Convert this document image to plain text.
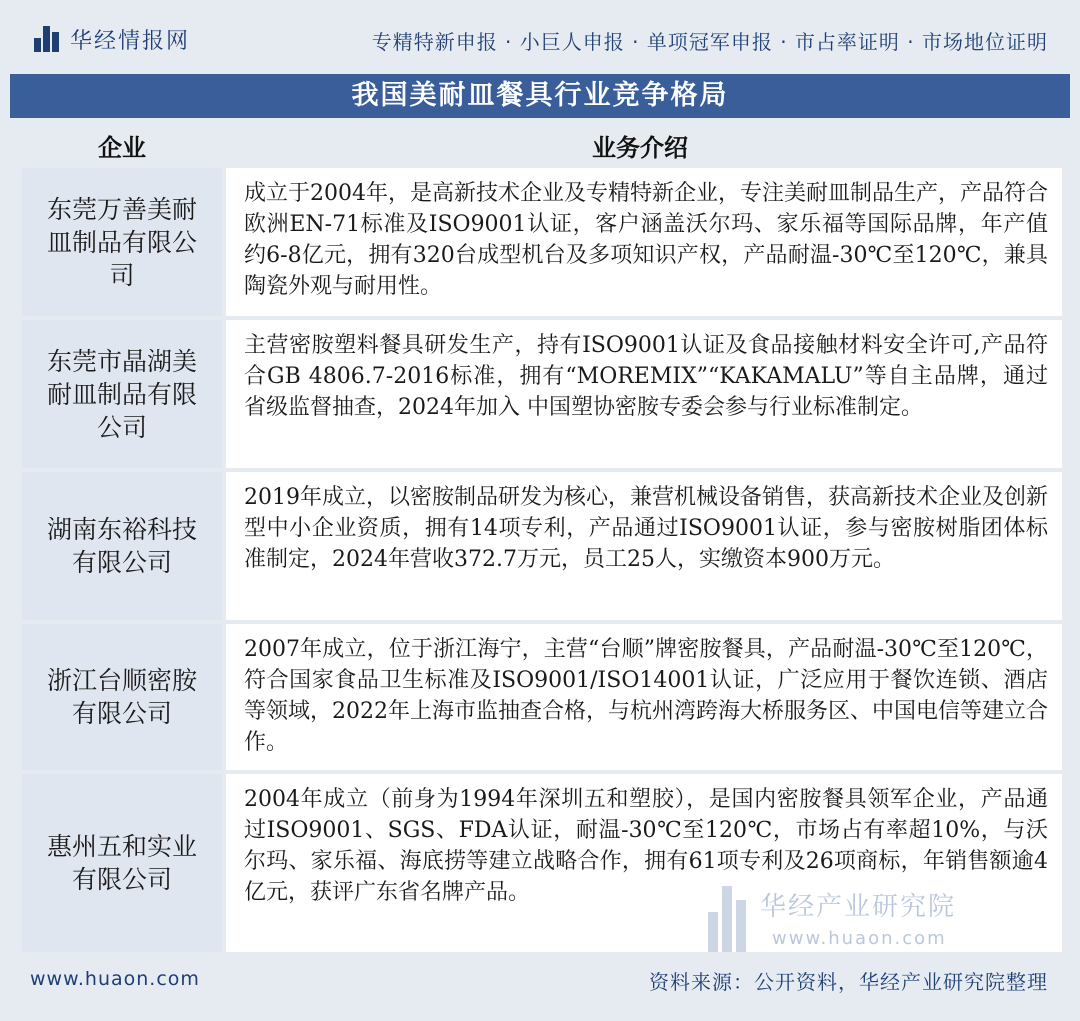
华经情报网	专精特新申报 · 小巨人申报 · 单项冠军申报 · 市占率证明 · 市场地位证明
我国美耐皿餐具行业竞争格局
企业	业务介绍
东莞万善美耐皿制品有限公司
成立于2004年，是高新技术企业及专精特新企业，专注美耐皿制品生产，产品符合欧洲EN-71标准及ISO9001认证，客户涵盖沃尔玛、家乐福等国际品牌，年产值约6-8亿元，拥有320台成型机台及多项知识产权，产品耐温-30℃至120℃，兼具陶瓷外观与耐用性。
东莞市晶湖美耐皿制品有限公司
主营密胺塑料餐具研发生产，持有ISO9001认证及食品接触材料安全许可,产品符合GB 4806.7-2016标准，拥有“MOREMIX”“KAKAMALU”等自主品牌，通过省级监督抽查，2024年加入 中国塑协密胺专委会参与行业标准制定。
湖南东裕科技有限公司
2019年成立，以密胺制品研发为核心，兼营机械设备销售，获高新技术企业及创新型中小企业资质，拥有14项专利，产品通过ISO9001认证，参与密胺树脂团体标准制定，2024年营收372.7万元，员工25人，实缴资本900万元。
浙江台顺密胺有限公司
2007年成立，位于浙江海宁，主营“台顺”牌密胺餐具，产品耐温-30℃至120℃，符合国家食品卫生标准及ISO9001/ISO14001认证，广泛应用于餐饮连锁、酒店等领域，2022年上海市监抽查合格，与杭州湾跨海大桥服务区、中国电信等建立合作。
惠州五和实业有限公司
2004年成立（前身为1994年深圳五和塑胶），是国内密胺餐具领军企业，产品通过ISO9001、SGS、FDA认证，耐温-30℃至120℃，市场占有率超10%，与沃尔玛、家乐福、海底捞等建立战略合作，拥有61项专利及26项商标，年销售额逾4亿元，获评广东省名牌产品。	华经产业研究院
www.huaon.com
www.huaon.com	资料来源：公开资料，华经产业研究院整理
